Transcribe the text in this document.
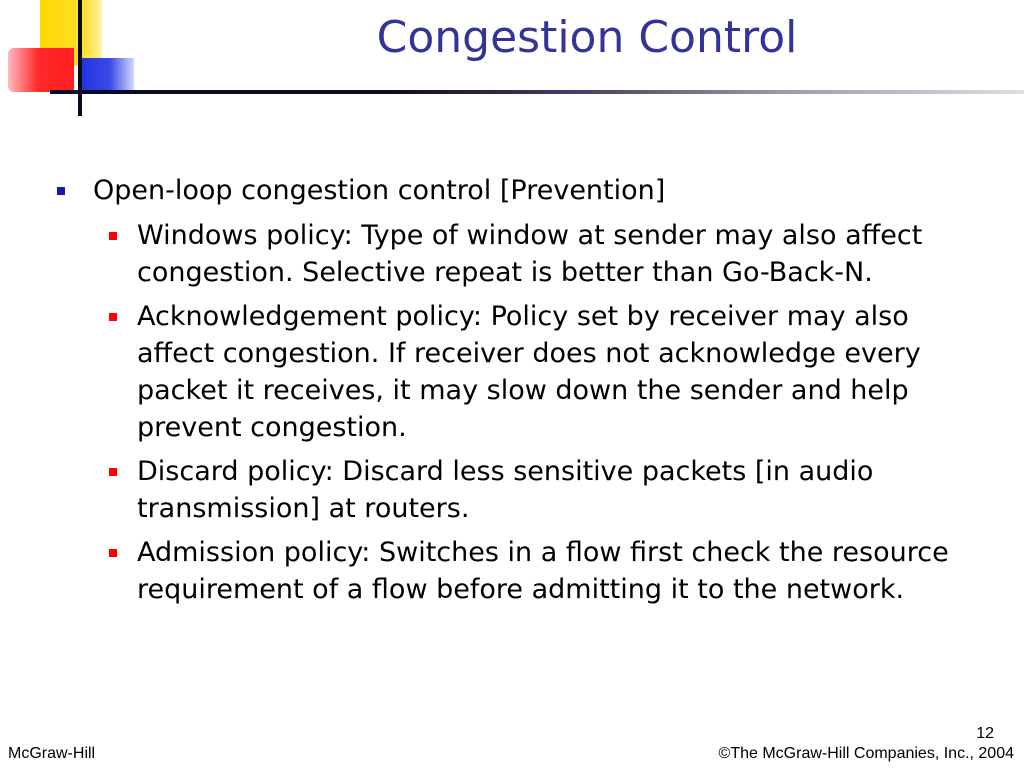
Congestion Control
Open-loop congestion control [Prevention]
Windows policy: Type of window at sender may also affect congestion. Selective repeat is better than Go-Back-N.
Acknowledgement policy: Policy set by receiver may also affect congestion. If receiver does not acknowledge every packet it receives, it may slow down the sender and help prevent congestion.
Discard policy: Discard less sensitive packets [in audio transmission] at routers.
Admission policy: Switches in a flow first check the resource requirement of a flow before admitting it to the network.
12
McGraw-Hill	©The McGraw-Hill Companies, Inc., 2004
